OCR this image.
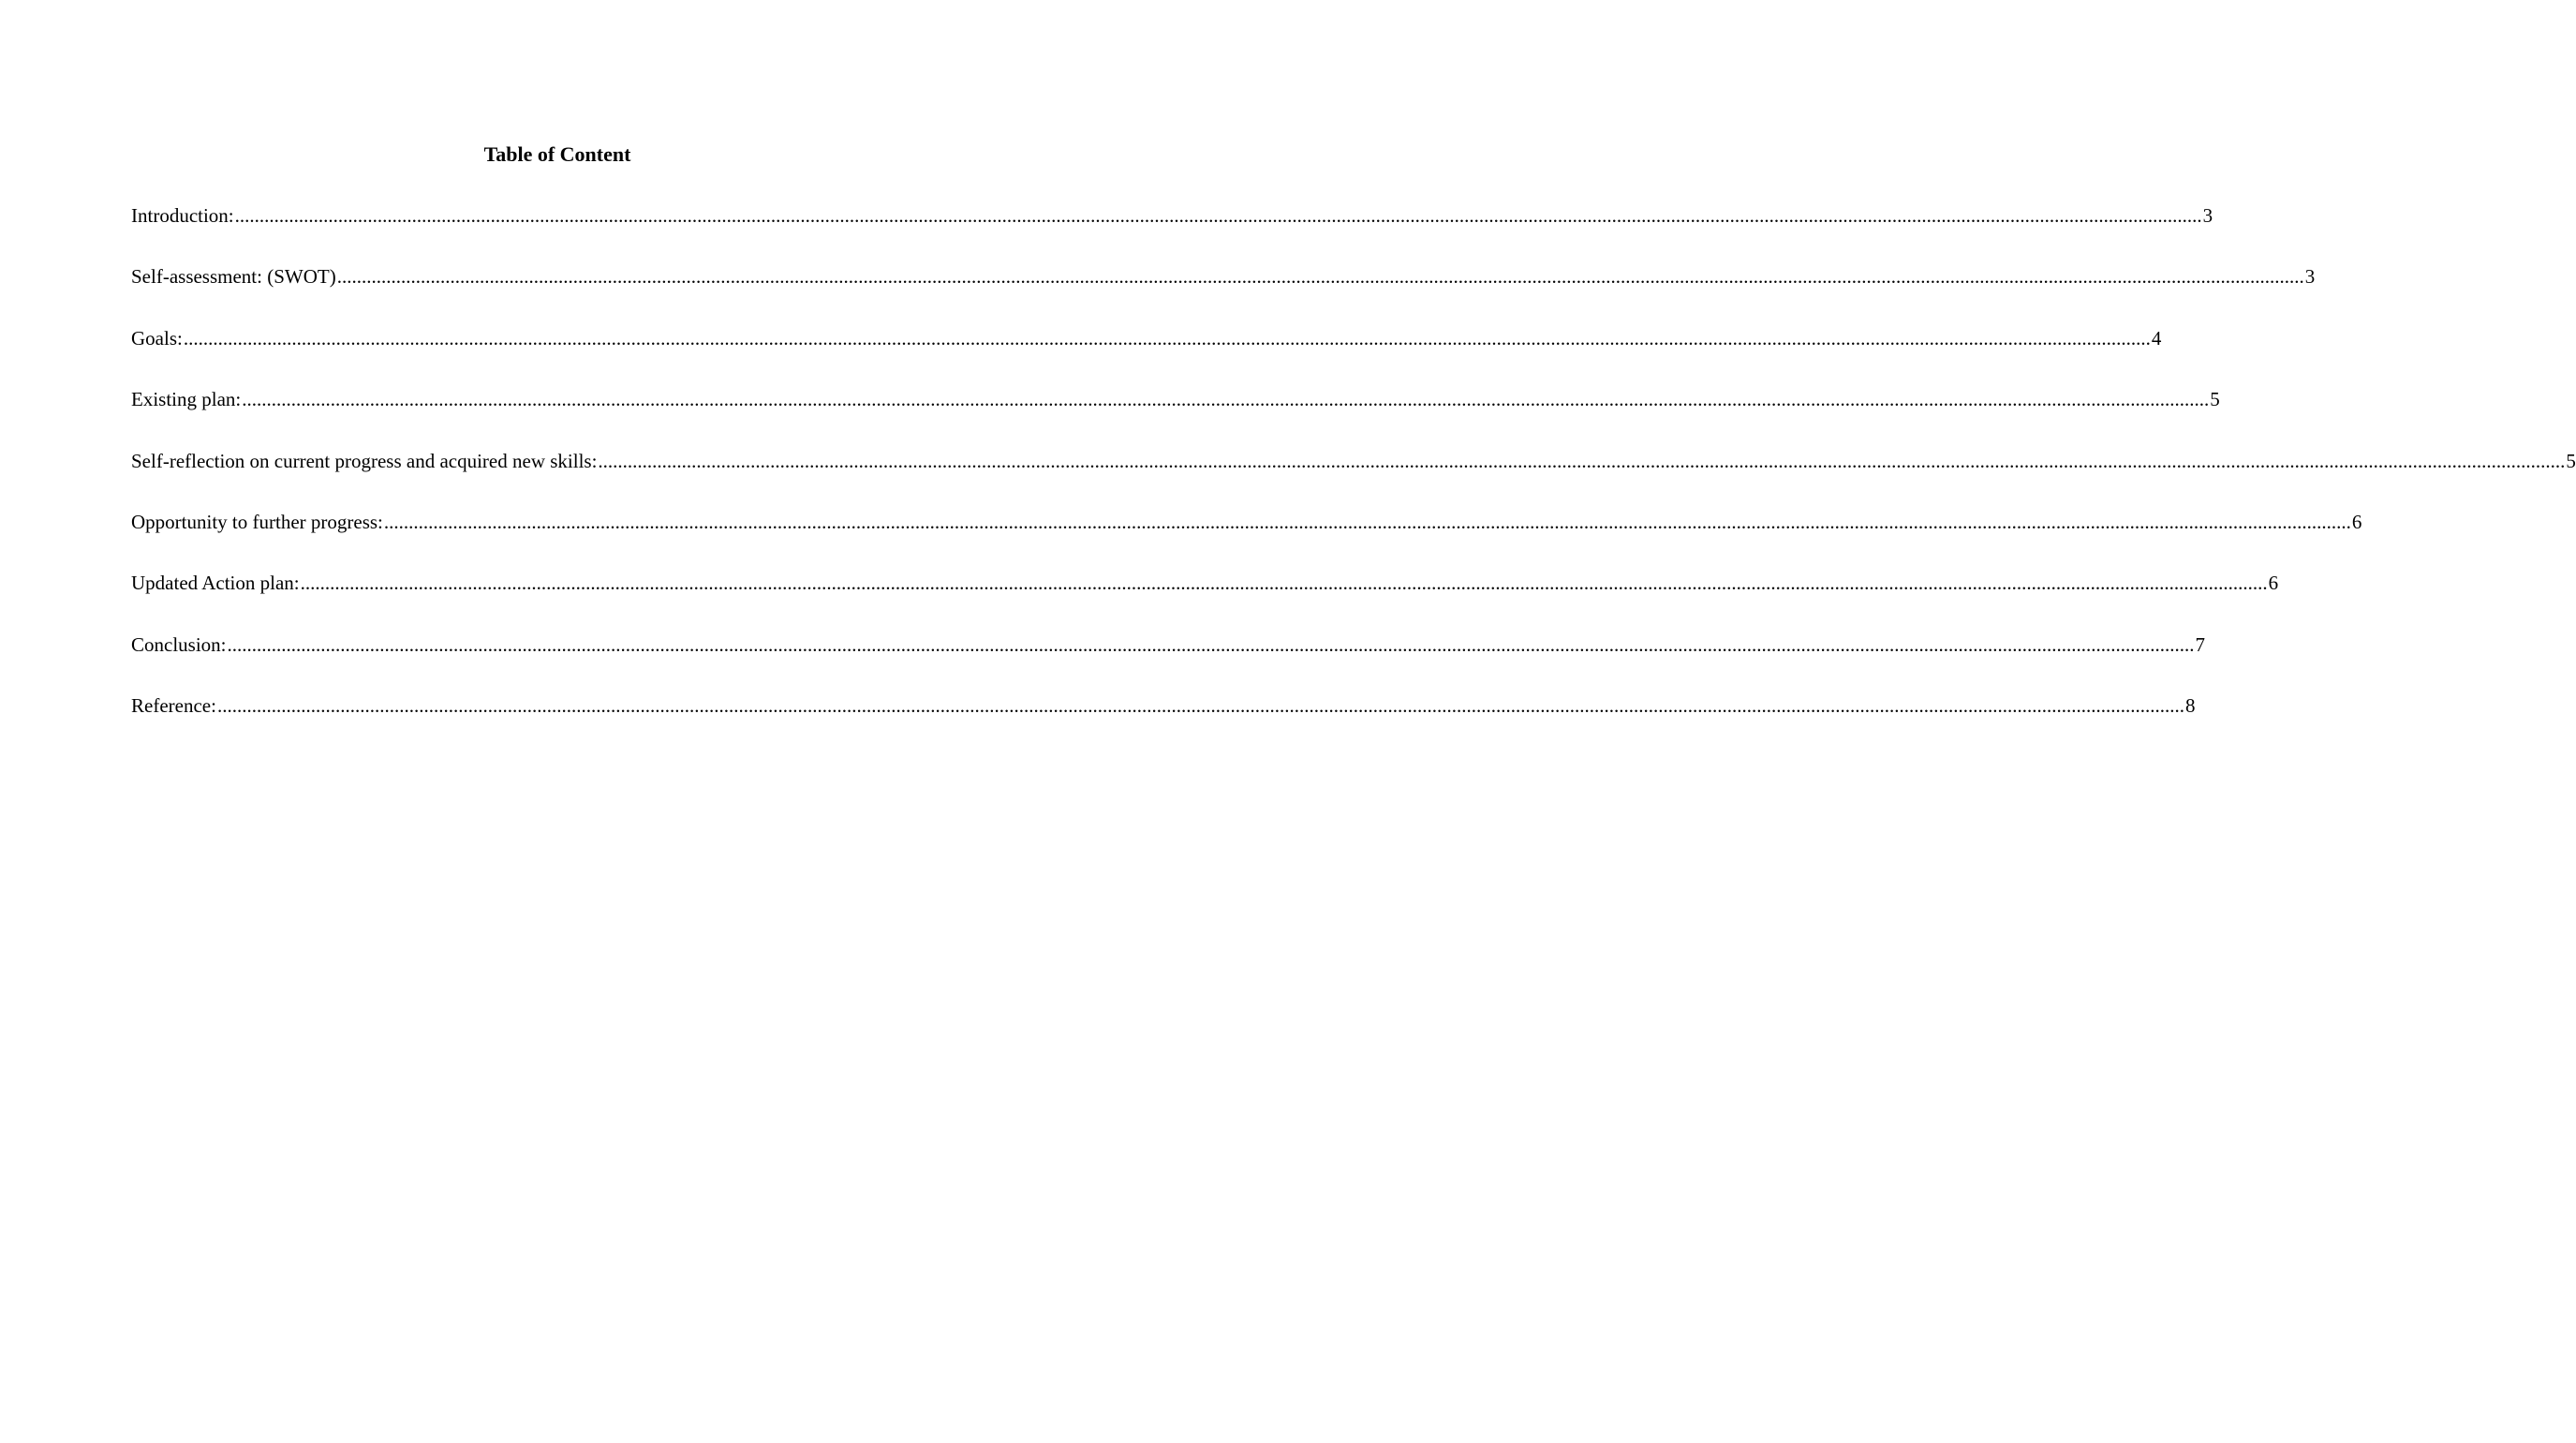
Table of Content
Introduction: ................................................................................................................................................................................................................................................................................................................................................................................................................ 3
Self-assessment: (SWOT) ................................................................................................................................................................................................................................................................................................................................................................................................................ 3
Goals: ................................................................................................................................................................................................................................................................................................................................................................................................................ 4
Existing plan: ................................................................................................................................................................................................................................................................................................................................................................................................................ 5
Self-reflection on current progress and acquired new skills: ................................................................................................................................................................................................................................................................................................................................................................................................................ 5
Opportunity to further progress: ................................................................................................................................................................................................................................................................................................................................................................................................................ 6
Updated Action plan: ................................................................................................................................................................................................................................................................................................................................................................................................................ 6
Conclusion: ................................................................................................................................................................................................................................................................................................................................................................................................................ 7
Reference: ................................................................................................................................................................................................................................................................................................................................................................................................................ 8
